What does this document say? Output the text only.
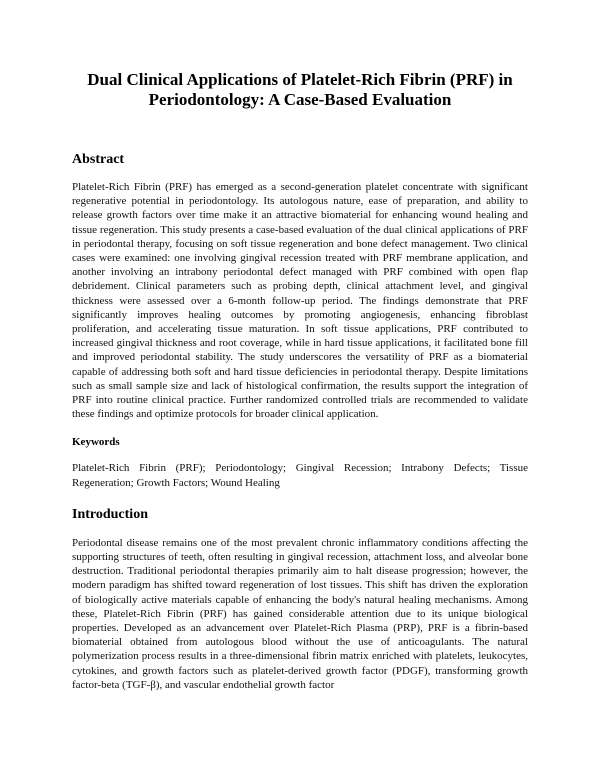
Dual Clinical Applications of Platelet-Rich Fibrin (PRF) in Periodontology: A Case-Based Evaluation
Abstract

Platelet-Rich Fibrin (PRF) has emerged as a second-generation platelet concentrate with significant regenerative potential in periodontology. Its autologous nature, ease of preparation, and ability to release growth factors over time make it an attractive biomaterial for enhancing wound healing and tissue regeneration. This study presents a case-based evaluation of the dual clinical applications of PRF in periodontal therapy, focusing on soft tissue regeneration and bone defect management. Two clinical cases were examined: one involving gingival recession treated with PRF membrane application, and another involving an intrabony periodontal defect managed with PRF combined with open flap debridement. Clinical parameters such as probing depth, clinical attachment level, and gingival thickness were assessed over a 6-month follow-up period. The findings demonstrate that PRF significantly improves healing outcomes by promoting angiogenesis, enhancing fibroblast proliferation, and accelerating tissue maturation. In soft tissue applications, PRF contributed to increased gingival thickness and root coverage, while in hard tissue applications, it facilitated bone fill and improved periodontal stability. The study underscores the versatility of PRF as a biomaterial capable of addressing both soft and hard tissue deficiencies in periodontal therapy. Despite limitations such as small sample size and lack of histological confirmation, the results support the integration of PRF into routine clinical practice. Further randomized controlled trials are recommended to validate these findings and optimize protocols for broader clinical application.

Keywords

Platelet-Rich Fibrin (PRF); Periodontology; Gingival Recession; Intrabony Defects; Tissue Regeneration; Growth Factors; Wound Healing

Introduction

Periodontal disease remains one of the most prevalent chronic inflammatory conditions affecting the supporting structures of teeth, often resulting in gingival recession, attachment loss, and alveolar bone destruction. Traditional periodontal therapies primarily aim to halt disease progression; however, the modern paradigm has shifted toward regeneration of lost tissues. This shift has driven the exploration of biologically active materials capable of enhancing the body's natural healing mechanisms. Among these, Platelet-Rich Fibrin (PRF) has gained considerable attention due to its unique biological properties. Developed as an advancement over Platelet-Rich Plasma (PRP), PRF is a fibrin-based biomaterial obtained from autologous blood without the use of anticoagulants. The natural polymerization process results in a three-dimensional fibrin matrix enriched with platelets, leukocytes, cytokines, and growth factors such as platelet-derived growth factor (PDGF), transforming growth factor-beta (TGF-β), and vascular endothelial growth factor
